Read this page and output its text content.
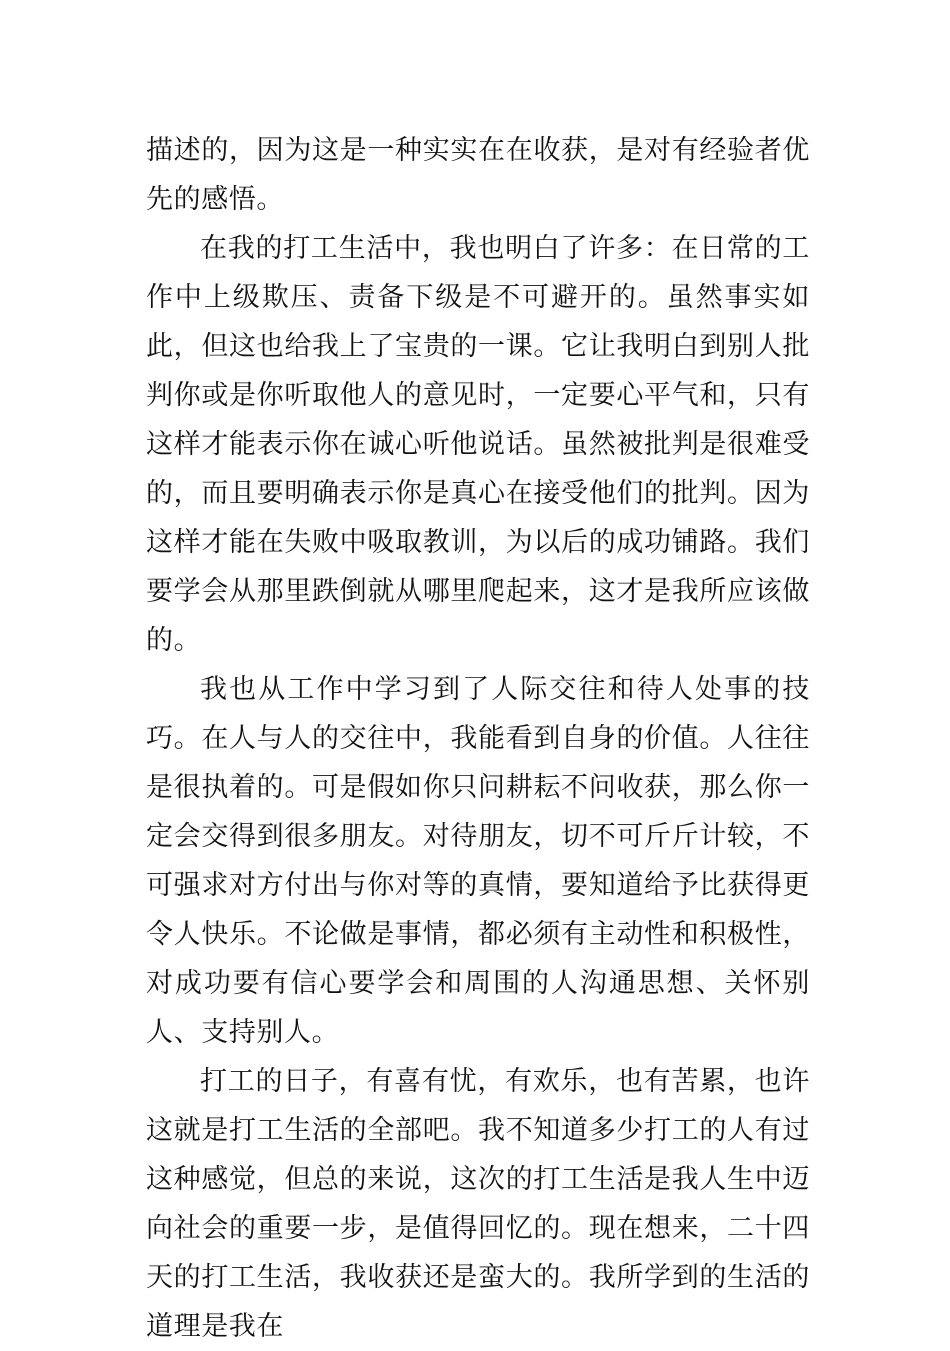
描述的，因为这是一种实实在在收获，是对有经验者优先的感悟。

在我的打工生活中，我也明白了许多：在日常的工作中上级欺压、责备下级是不可避开的。虽然事实如此，但这也给我上了宝贵的一课。它让我明白到别人批判你或是你听取他人的意见时，一定要心平气和，只有这样才能表示你在诚心听他说话。虽然被批判是很难受的，而且要明确表示你是真心在接受他们的批判。因为这样才能在失败中吸取教训，为以后的成功铺路。我们要学会从那里跌倒就从哪里爬起来，这才是我所应该做的。

我也从工作中学习到了人际交往和待人处事的技巧。在人与人的交往中，我能看到自身的价值。人往往是很执着的。可是假如你只问耕耘不问收获，那么你一定会交得到很多朋友。对待朋友，切不可斤斤计较，不可强求对方付出与你对等的真情，要知道给予比获得更令人快乐。不论做是事情，都必须有主动性和积极性，对成功要有信心要学会和周围的人沟通思想、关怀别人、支持别人。

打工的日子，有喜有忧，有欢乐，也有苦累，也许这就是打工生活的全部吧。我不知道多少打工的人有过这种感觉，但总的来说，这次的打工生活是我人生中迈向社会的重要一步，是值得回忆的。现在想来，二十四天的打工生活，我收获还是蛮大的。我所学到的生活的道理是我在
